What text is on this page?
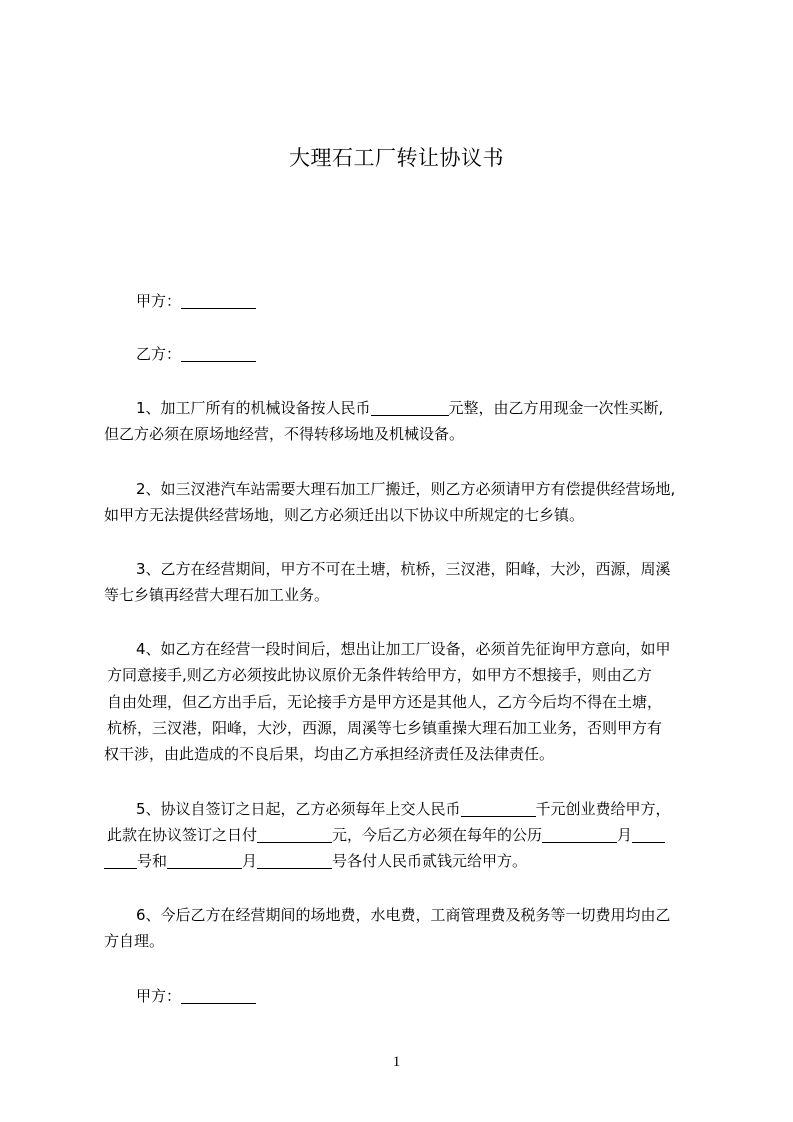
大理石工厂转让协议书
甲方：
乙方：
1、加工厂所有的机械设备按人民币	元整，由乙方用现金一次性买断,
但乙方必须在原场地经营，不得转移场地及机械设备。
2、如三汊港汽车站需要大理石加工厂搬迁，则乙方必须请甲方有偿提供经营场地,
如甲方无法提供经营场地，则乙方必须迁出以下协议中所规定的七乡镇。
3、乙方在经营期间，甲方不可在土塘，杭桥，三汊港，阳峰，大沙，西源，周溪
等七乡镇再经营大理石加工业务。
4、如乙方在经营一段时间后，想出让加工厂设备，必须首先征询甲方意向，如甲
方同意接手,则乙方必须按此协议原价无条件转给甲方，如甲方不想接手，则由乙方
自由处理，但乙方出手后，无论接手方是甲方还是其他人，乙方今后均不得在土塘，
杭桥，三汊港，阳峰，大沙，西源，周溪等七乡镇重操大理石加工业务，否则甲方有
权干涉，由此造成的不良后果，均由乙方承担经济责任及法律责任。
5、协议自签订之日起，乙方必须每年上交人民币	千元创业费给甲方，
此款在协议签订之日付	元，今后乙方必须在每年的公历	月
号和	月	号各付人民币贰钱元给甲方。
6、今后乙方在经营期间的场地费，水电费，工商管理费及税务等一切费用均由乙
方自理。
甲方：
1
